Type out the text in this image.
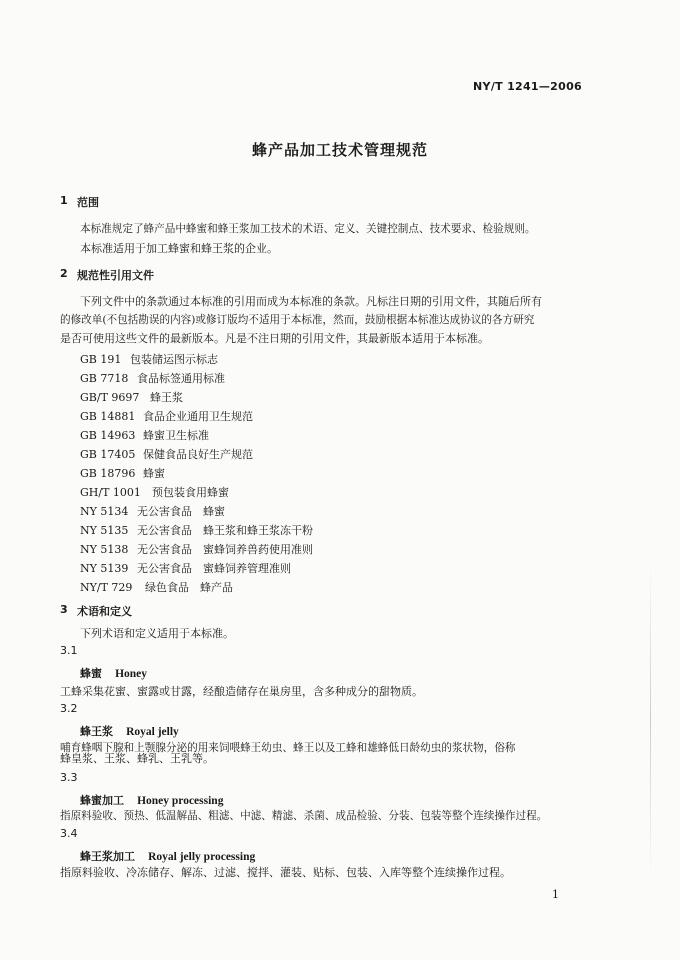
NY/T 1241—2006
蜂产品加工技术管理规范
1 范围
本标准规定了蜂产品中蜂蜜和蜂王浆加工技术的术语、定义、关键控制点、技术要求、检验规则。
本标准适用于加工蜂蜜和蜂王浆的企业。
2 规范性引用文件
下列文件中的条款通过本标准的引用而成为本标准的条款。凡标注日期的引用文件，其随后所有
的修改单(不包括勘误的内容)或修订版均不适用于本标准，然而，鼓励根据本标准达成协议的各方研究
是否可使用这些文件的最新版本。凡是不注日期的引用文件，其最新版本适用于本标准。
GB 191 包装储运图示标志
GB 7718 食品标签通用标准
GB/T 9697 蜂王浆
GB 14881 食品企业通用卫生规范
GB 14963 蜂蜜卫生标准
GB 17405 保健食品良好生产规范
GB 18796 蜂蜜
GH/T 1001 预包装食用蜂蜜
NY 5134 无公害食品　蜂蜜
NY 5135 无公害食品　蜂王浆和蜂王浆冻干粉
NY 5138 无公害食品　蜜蜂饲养兽药使用准则
NY 5139 无公害食品　蜜蜂饲养管理准则
NY/T 729 绿色食品　蜂产品
3 术语和定义
下列术语和定义适用于本标准。
3.1
蜂蜜 Honey
工蜂采集花蜜、蜜露或甘露，经酿造储存在巢房里，含多种成分的甜物质。
3.2
蜂王浆 Royal jelly
哺育蜂咽下腺和上颚腺分泌的用来饲喂蜂王幼虫、蜂王以及工蜂和雄蜂低日龄幼虫的浆状物，俗称
蜂皇浆、王浆、蜂乳、王乳等。
3.3
蜂蜜加工 Honey processing
指原料验收、预热、低温解晶、粗滤、中滤、精滤、杀菌、成品检验、分装、包装等整个连续操作过程。
3.4
蜂王浆加工 Royal jelly processing
指原料验收、冷冻储存、解冻、过滤、搅拌、灌装、贴标、包装、入库等整个连续操作过程。
1
